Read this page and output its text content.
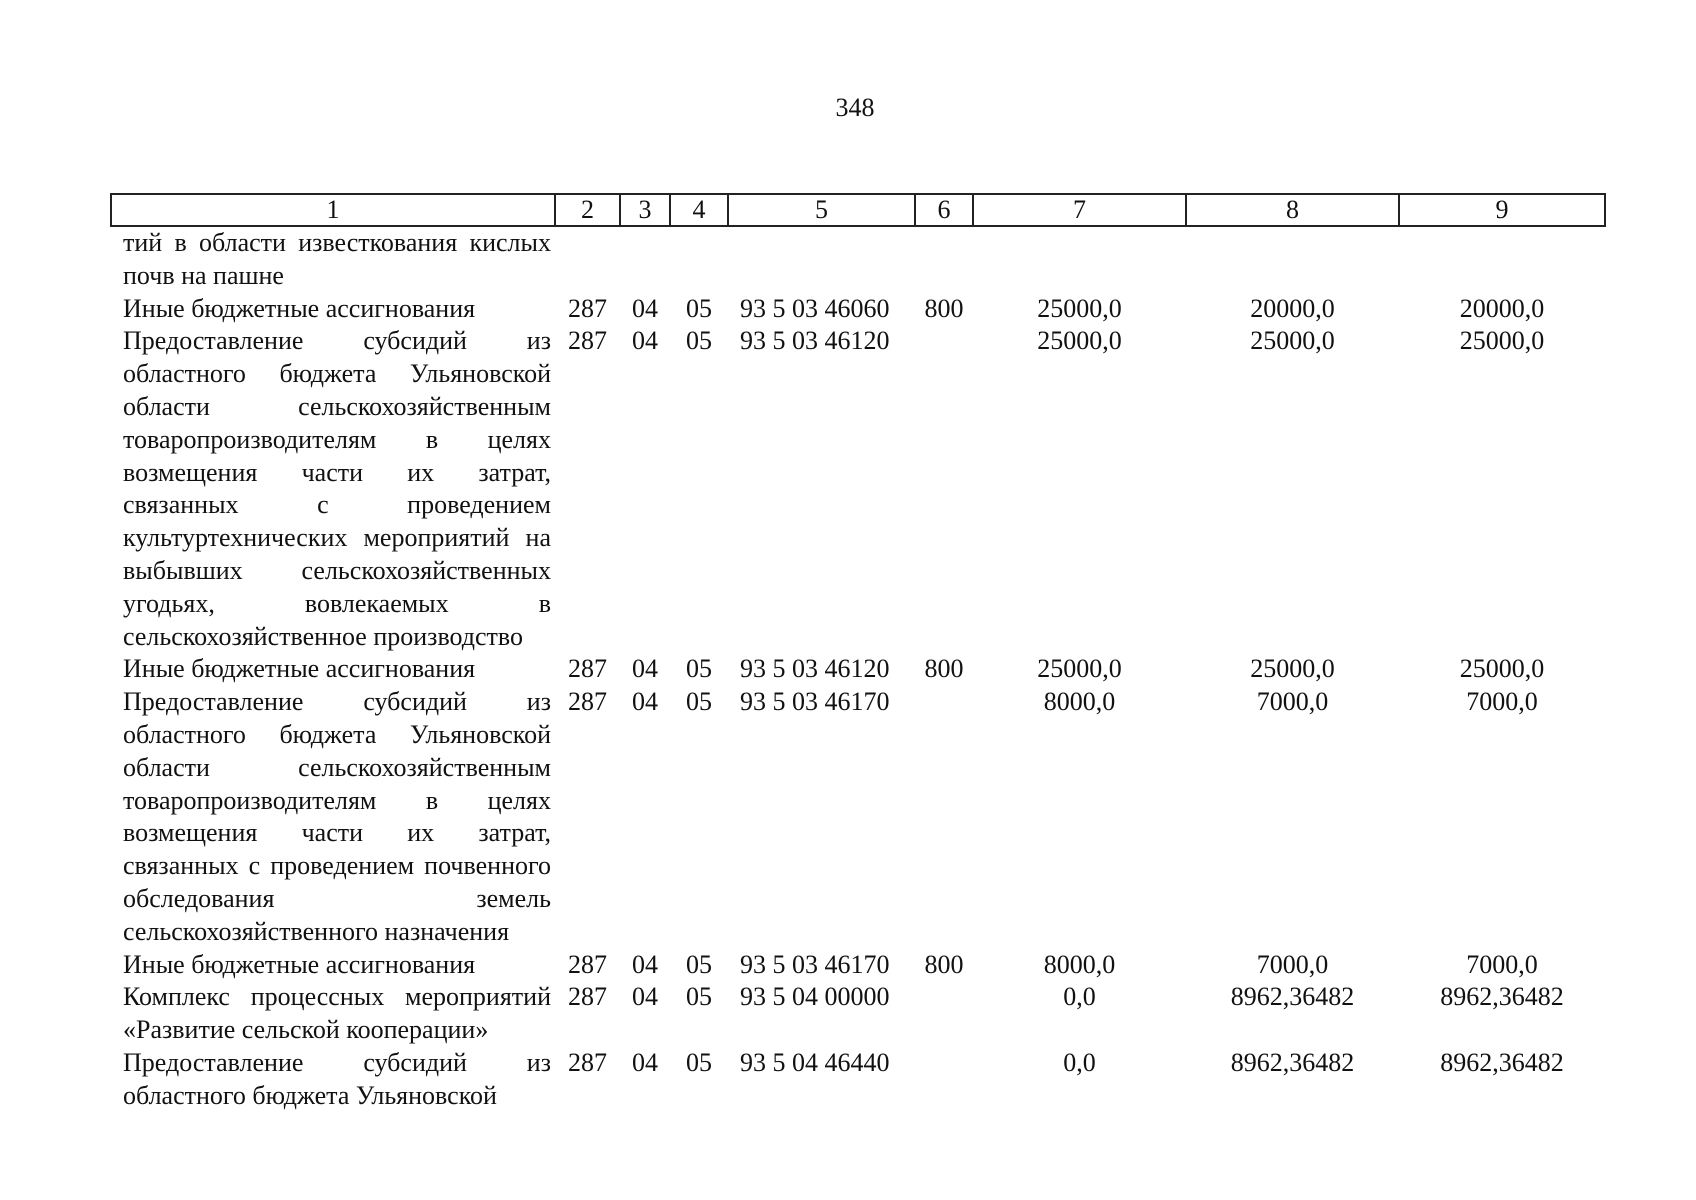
348
1	2	3	4	5	6	7	8	9
тий в области известкования кислых почв на пашне								
Иные бюджетные ассигнования	287	04	05	93 5 03 46060	800	25000,0	20000,0	20000,0
Предоставление субсидий из областного бюджета Ульяновской области сельскохозяйственным товаропроизводителям в целях возмещения части их затрат, связанных с проведением культуртехнических мероприятий на выбывших сельскохозяйственных угодьях, вовлекаемых в сельскохозяйственное производство	287	04	05	93 5 03 46120		25000,0	25000,0	25000,0
Иные бюджетные ассигнования	287	04	05	93 5 03 46120	800	25000,0	25000,0	25000,0
Предоставление субсидий из областного бюджета Ульяновской области сельскохозяйственным товаропроизводителям в целях возмещения части их затрат, связанных с проведением почвенного обследования земель сельскохозяйственного назначения	287	04	05	93 5 03 46170		8000,0	7000,0	7000,0
Иные бюджетные ассигнования	287	04	05	93 5 03 46170	800	8000,0	7000,0	7000,0
Комплекс процессных мероприятий «Развитие сельской кооперации»	287	04	05	93 5 04 00000		0,0	8962,36482	8962,36482
Предоставление субсидий из областного бюджета Ульяновской	287	04	05	93 5 04 46440		0,0	8962,36482	8962,36482
